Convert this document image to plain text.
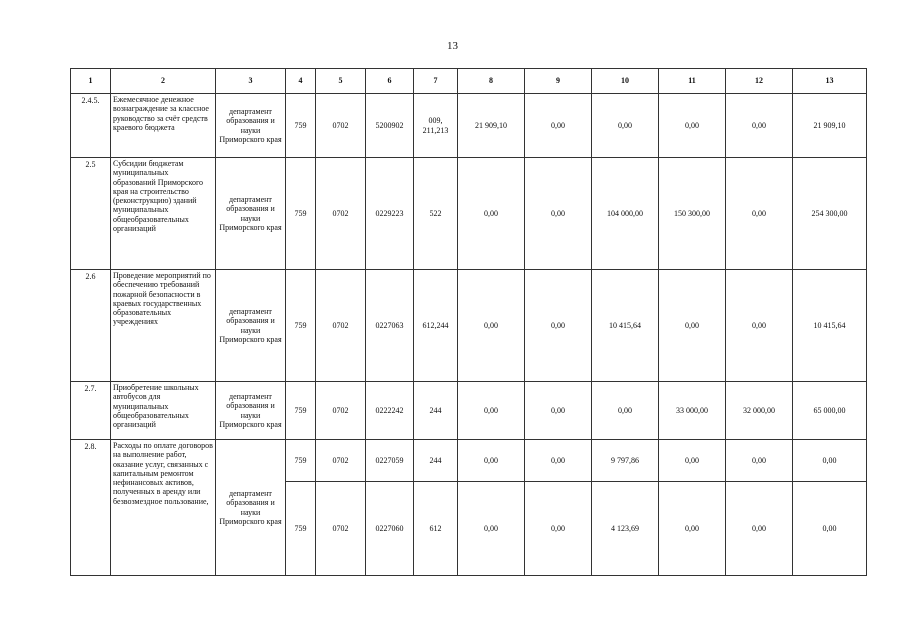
13
1	2	3	4	5	6	7	8	9	10	11	12	13
2.4.5.	Ежемесячное денежное вознаграждение за классное руководство за счёт средств краевого бюджета	департамент образования и науки Приморского края	759	0702	5200902	009, 211,213	21 909,10	0,00	0,00	0,00	0,00	21 909,10
2.5	Субсидии бюджетам муниципальных образований Приморского края на строительство (реконструкцию) зданий муниципальных общеобразовательных организаций	департамент образования и науки Приморского края	759	0702	0229223	522	0,00	0,00	104 000,00	150 300,00	0,00	254 300,00
2.6	Проведение мероприятий по обеспечению требований пожарной безопасности в краевых государственных образовательных учреждениях	департамент образования и науки Приморского края	759	0702	0227063	612,244	0,00	0,00	10 415,64	0,00	0,00	10 415,64
2.7.	Приобретение школьных автобусов для муниципальных общеобразовательных организаций	департамент образования и науки Приморского края	759	0702	0222242	244	0,00	0,00	0,00	33 000,00	32 000,00	65 000,00
2.8.	Расходы по оплате договоров на выполнение работ, оказание услуг, связанных с капитальным ремонтом нефинансовых активов, полученных в аренду или безвозмездное пользование,	департамент образования и науки Приморского края	759	0702	0227059	244	0,00	0,00	9 797,86	0,00	0,00	0,00
			759	0702	0227060	612	0,00	0,00	4 123,69	0,00	0,00	0,00
